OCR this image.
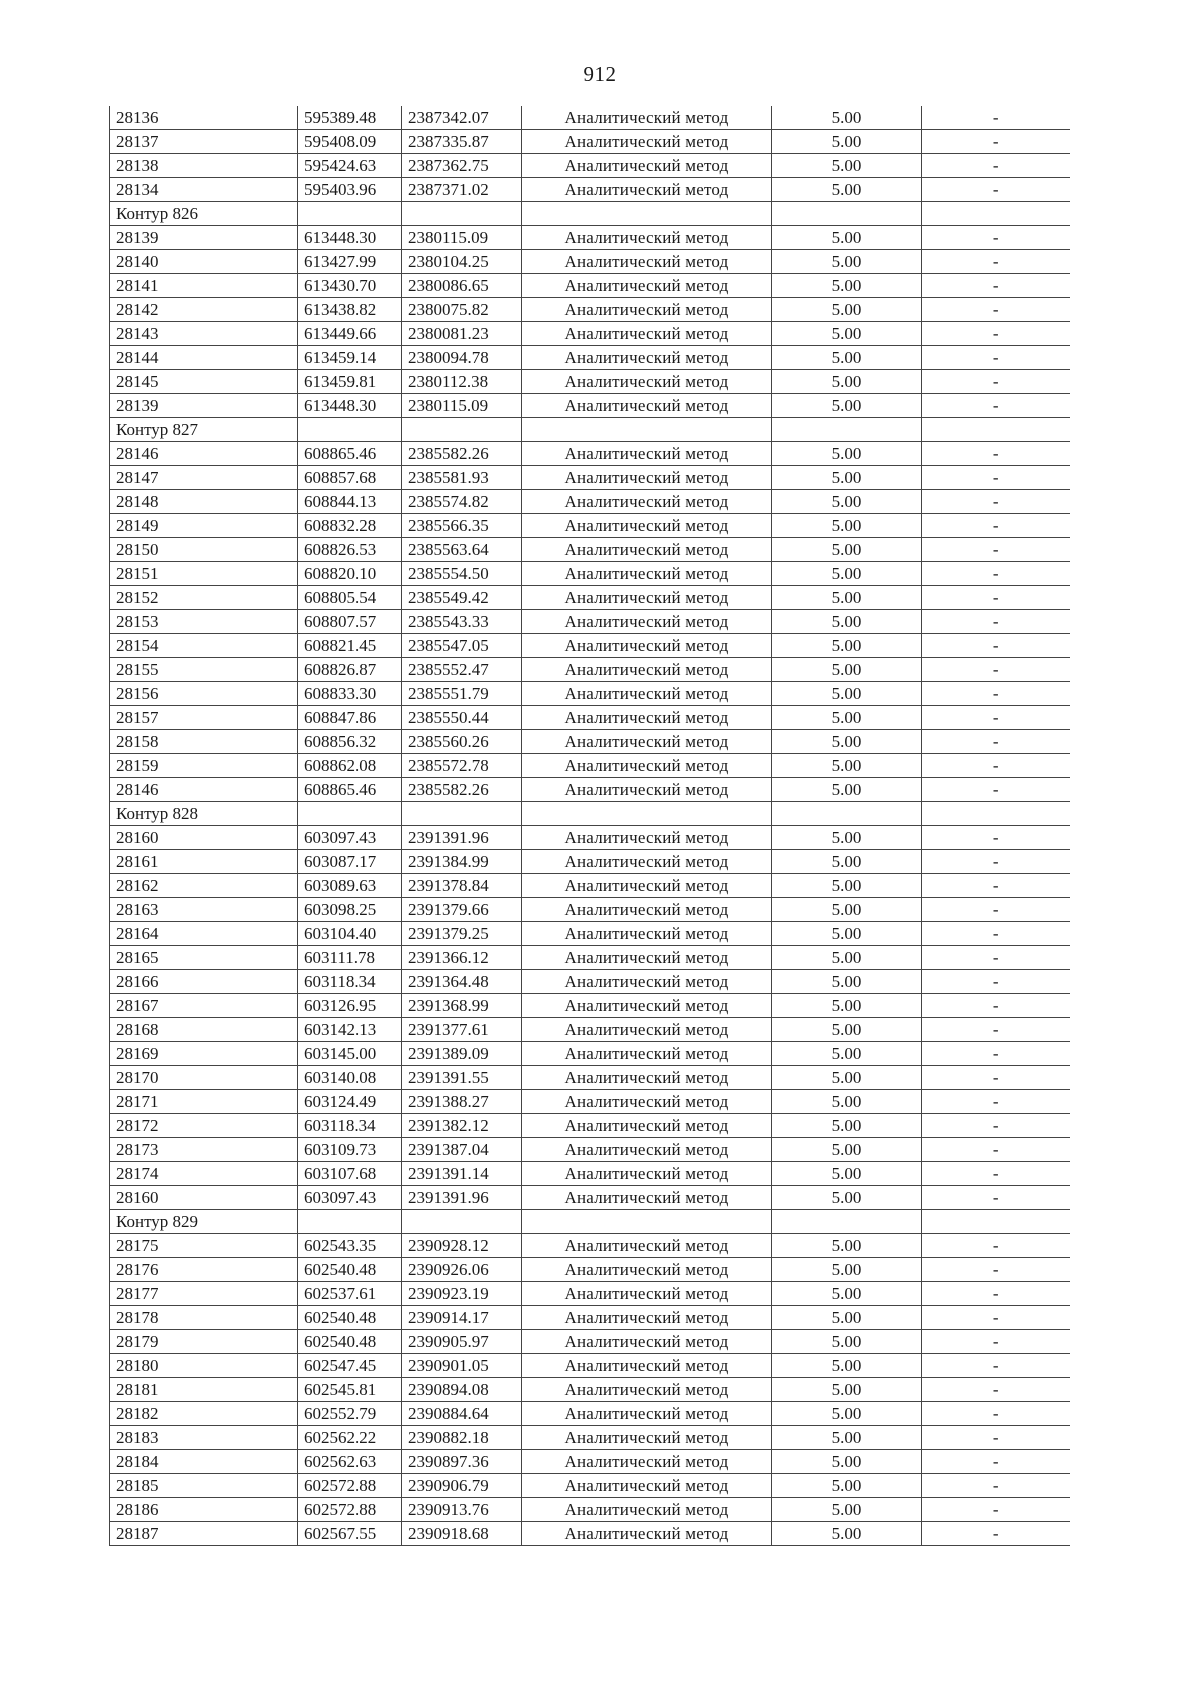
912
28136	595389.48	2387342.07	Аналитический метод	5.00	-
28137	595408.09	2387335.87	Аналитический метод	5.00	-
28138	595424.63	2387362.75	Аналитический метод	5.00	-
28134	595403.96	2387371.02	Аналитический метод	5.00	-
Контур 826					
28139	613448.30	2380115.09	Аналитический метод	5.00	-
28140	613427.99	2380104.25	Аналитический метод	5.00	-
28141	613430.70	2380086.65	Аналитический метод	5.00	-
28142	613438.82	2380075.82	Аналитический метод	5.00	-
28143	613449.66	2380081.23	Аналитический метод	5.00	-
28144	613459.14	2380094.78	Аналитический метод	5.00	-
28145	613459.81	2380112.38	Аналитический метод	5.00	-
28139	613448.30	2380115.09	Аналитический метод	5.00	-
Контур 827					
28146	608865.46	2385582.26	Аналитический метод	5.00	-
28147	608857.68	2385581.93	Аналитический метод	5.00	-
28148	608844.13	2385574.82	Аналитический метод	5.00	-
28149	608832.28	2385566.35	Аналитический метод	5.00	-
28150	608826.53	2385563.64	Аналитический метод	5.00	-
28151	608820.10	2385554.50	Аналитический метод	5.00	-
28152	608805.54	2385549.42	Аналитический метод	5.00	-
28153	608807.57	2385543.33	Аналитический метод	5.00	-
28154	608821.45	2385547.05	Аналитический метод	5.00	-
28155	608826.87	2385552.47	Аналитический метод	5.00	-
28156	608833.30	2385551.79	Аналитический метод	5.00	-
28157	608847.86	2385550.44	Аналитический метод	5.00	-
28158	608856.32	2385560.26	Аналитический метод	5.00	-
28159	608862.08	2385572.78	Аналитический метод	5.00	-
28146	608865.46	2385582.26	Аналитический метод	5.00	-
Контур 828					
28160	603097.43	2391391.96	Аналитический метод	5.00	-
28161	603087.17	2391384.99	Аналитический метод	5.00	-
28162	603089.63	2391378.84	Аналитический метод	5.00	-
28163	603098.25	2391379.66	Аналитический метод	5.00	-
28164	603104.40	2391379.25	Аналитический метод	5.00	-
28165	603111.78	2391366.12	Аналитический метод	5.00	-
28166	603118.34	2391364.48	Аналитический метод	5.00	-
28167	603126.95	2391368.99	Аналитический метод	5.00	-
28168	603142.13	2391377.61	Аналитический метод	5.00	-
28169	603145.00	2391389.09	Аналитический метод	5.00	-
28170	603140.08	2391391.55	Аналитический метод	5.00	-
28171	603124.49	2391388.27	Аналитический метод	5.00	-
28172	603118.34	2391382.12	Аналитический метод	5.00	-
28173	603109.73	2391387.04	Аналитический метод	5.00	-
28174	603107.68	2391391.14	Аналитический метод	5.00	-
28160	603097.43	2391391.96	Аналитический метод	5.00	-
Контур 829					
28175	602543.35	2390928.12	Аналитический метод	5.00	-
28176	602540.48	2390926.06	Аналитический метод	5.00	-
28177	602537.61	2390923.19	Аналитический метод	5.00	-
28178	602540.48	2390914.17	Аналитический метод	5.00	-
28179	602540.48	2390905.97	Аналитический метод	5.00	-
28180	602547.45	2390901.05	Аналитический метод	5.00	-
28181	602545.81	2390894.08	Аналитический метод	5.00	-
28182	602552.79	2390884.64	Аналитический метод	5.00	-
28183	602562.22	2390882.18	Аналитический метод	5.00	-
28184	602562.63	2390897.36	Аналитический метод	5.00	-
28185	602572.88	2390906.79	Аналитический метод	5.00	-
28186	602572.88	2390913.76	Аналитический метод	5.00	-
28187	602567.55	2390918.68	Аналитический метод	5.00	-
